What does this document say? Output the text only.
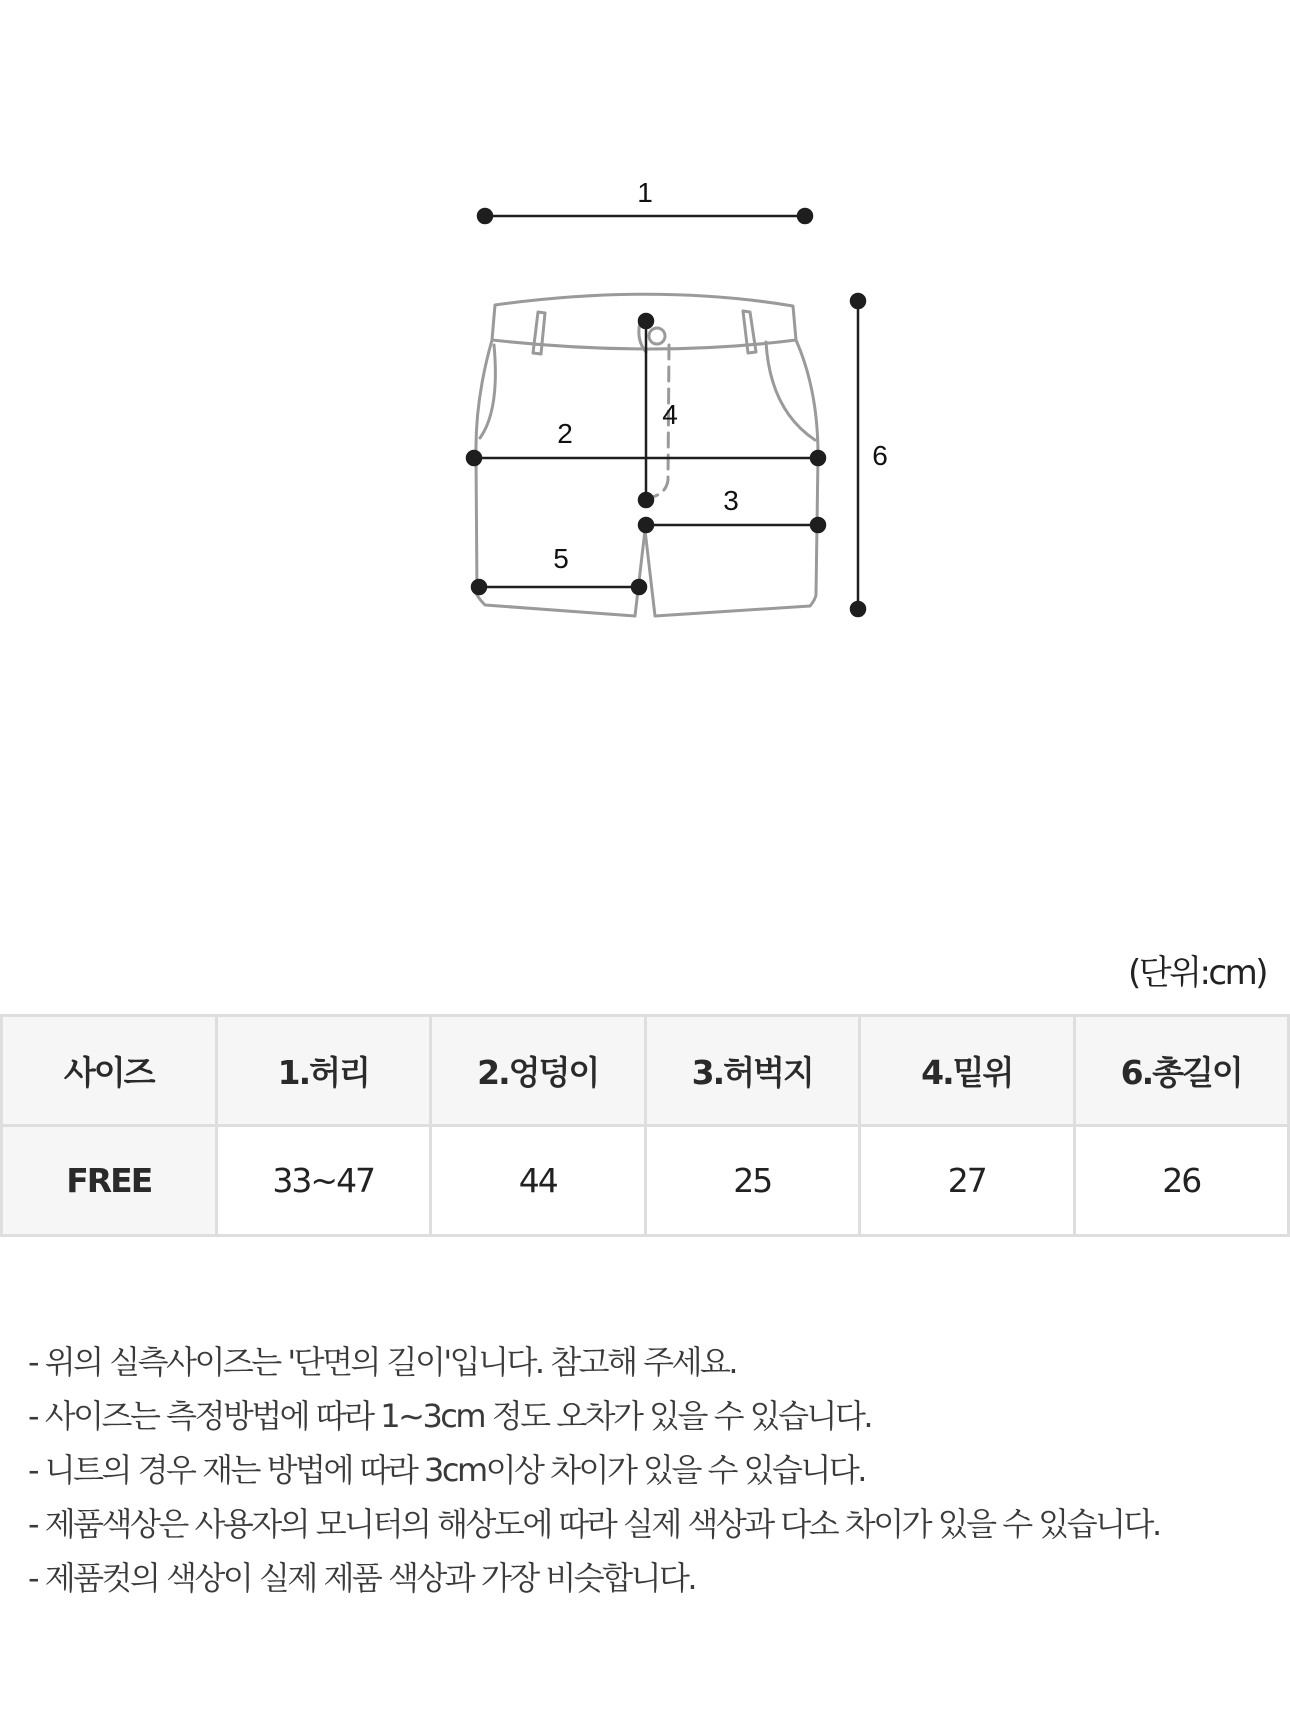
1
2
3
4
5
6
(단위:cm)
사이즈	1.허리	2.엉덩이	3.허벅지	4.밑위	6.총길이
FREE	33~47	44	25	27	26
- 위의 실측사이즈는 '단면의 길이'입니다. 참고해 주세요.
- 사이즈는 측정방법에 따라 1~3cm 정도 오차가 있을 수 있습니다.
- 니트의 경우 재는 방법에 따라 3cm이상 차이가 있을 수 있습니다.
- 제품색상은 사용자의 모니터의 해상도에 따라 실제 색상과 다소 차이가 있을 수 있습니다.
- 제품컷의 색상이 실제 제품 색상과 가장 비슷합니다.
